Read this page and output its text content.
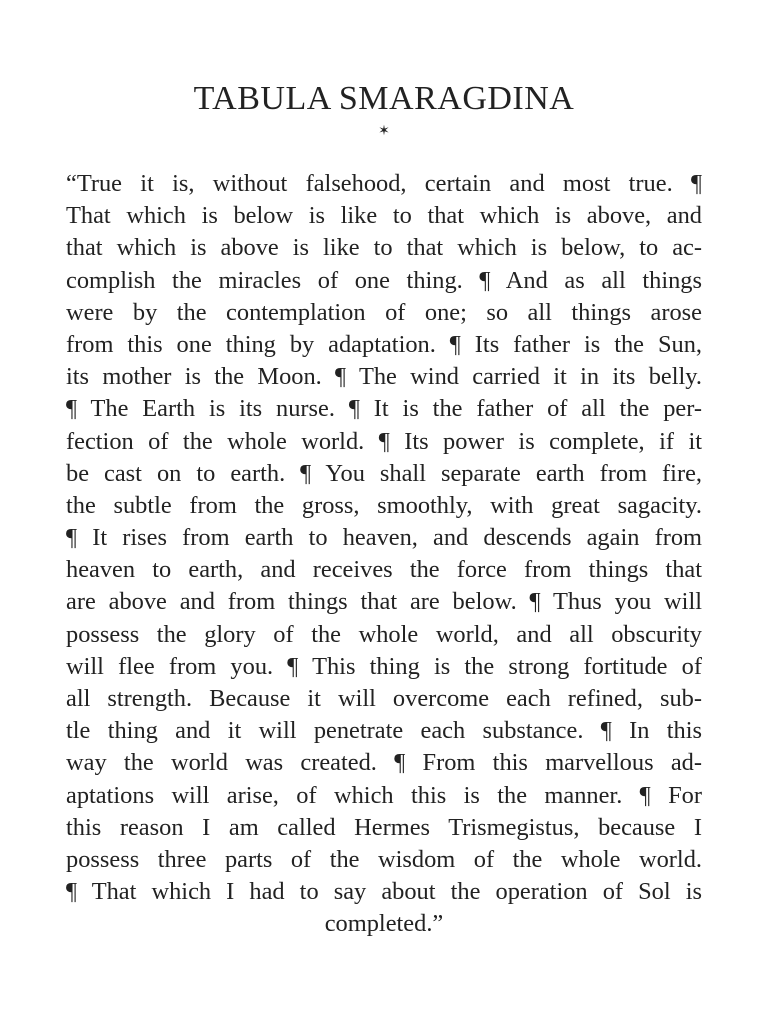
TABULA SMARAGDINA
✶
“True it is, without falsehood, certain and most true. ¶
That which is below is like to that which is above, and
that which is above is like to that which is below, to ac-
complish the miracles of one thing. ¶ And as all things
were by the contemplation of one; so all things arose
from this one thing by adaptation. ¶ Its father is the Sun,
its mother is the Moon. ¶ The wind carried it in its belly.
¶ The Earth is its nurse. ¶ It is the father of all the per-
fection of the whole world. ¶ Its power is complete, if it
be cast on to earth. ¶ You shall separate earth from fire,
the subtle from the gross, smoothly, with great sagacity.
¶ It rises from earth to heaven, and descends again from
heaven to earth, and receives the force from things that
are above and from things that are below. ¶ Thus you will
possess the glory of the whole world, and all obscurity
will flee from you. ¶ This thing is the strong fortitude of
all strength. Because it will overcome each refined, sub-
tle thing and it will penetrate each substance. ¶ In this
way the world was created. ¶ From this marvellous ad-
aptations will arise, of which this is the manner. ¶ For
this reason I am called Hermes Trismegistus, because I
possess three parts of the wisdom of the whole world.
¶ That which I had to say about the operation of Sol is
completed.”
